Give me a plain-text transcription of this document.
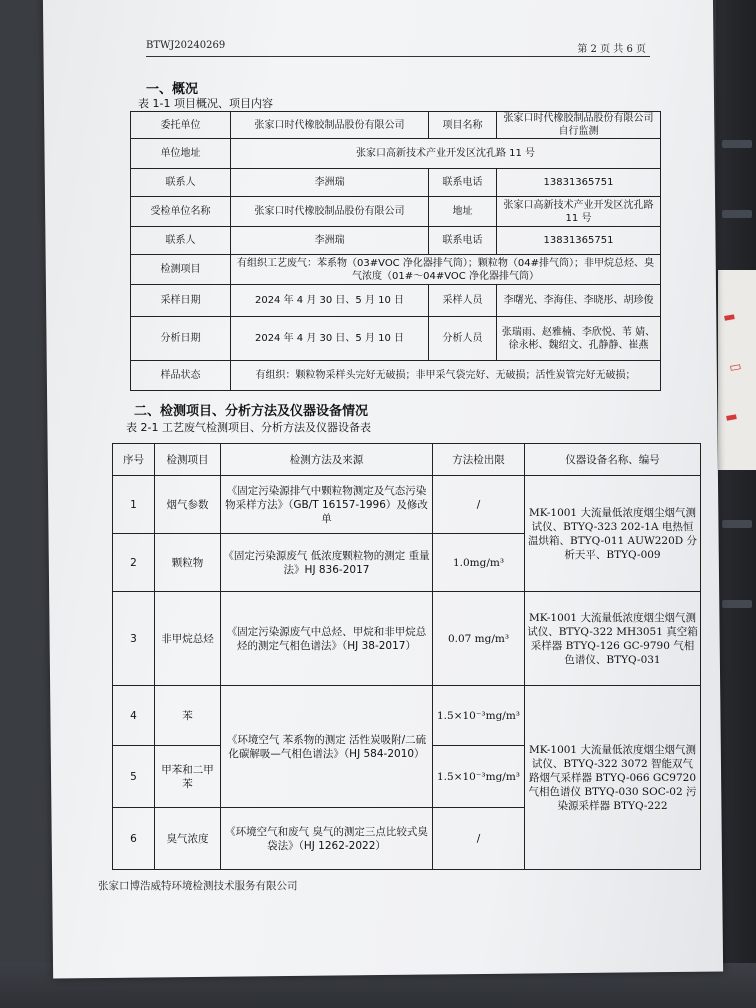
▮
▯
▮
BTWJ20240269	第 2 页 共 6 页
一、概况
表 1-1 项目概况、项目内容
委托单位	张家口时代橡胶制品股份有限公司	项目名称	张家口时代橡胶制品股份有限公司自行监测
单位地址	张家口高新技术产业开发区沈孔路 11 号		
联系人	李洲瑞	联系电话	13831365751
受检单位名称	张家口时代橡胶制品股份有限公司	地址	张家口高新技术产业开发区沈孔路 11 号
联系人	李洲瑞	联系电话	13831365751
检测项目	有组织工艺废气：苯系物（03#VOC 净化器排气筒）；颗粒物（04#排气筒）；非甲烷总烃、臭气浓度（01#～04#VOC 净化器排气筒）		
采样日期	2024 年 4 月 30 日、5 月 10 日	采样人员	李曙光、李海佳、李晓彤、胡珍俊
分析日期	2024 年 4 月 30 日、5 月 10 日	分析人员	张瑞雨、赵雅楠、李欣悦、苇 婧、徐永彬、魏绍文、孔静静、崔燕
样品状态	有组织：颗粒物采样头完好无破损；非甲采气袋完好、无破损；活性炭管完好无破损；		
二、检测项目、分析方法及仪器设备情况
表 2-1 工艺废气检测项目、分析方法及仪器设备表
序号	检测项目	检测方法及来源	方法检出限	仪器设备名称、编号
1	烟气参数	《固定污染源排气中颗粒物测定及气态污染物采样方法》（GB/T 16157-1996）及修改单	/	MK-1001 大流量低浓度烟尘烟气测试仪、BTYQ-323 202-1A 电热恒温烘箱、BTYQ-011 AUW220D 分析天平、BTYQ-009
2	颗粒物	《固定污染源废气 低浓度颗粒物的测定 重量法》HJ 836-2017	1.0mg/m³	
3	非甲烷总烃	《固定污染源废气中总烃、甲烷和非甲烷总烃的测定气相色谱法》（HJ 38-2017）	0.07 mg/m³	MK-1001 大流量低浓度烟尘烟气测试仪、BTYQ-322 MH3051 真空箱采样器 BTYQ-126 GC-9790 气相色谱仪、BTYQ-031
4	苯	《环境空气 苯系物的测定 活性炭吸附/二硫化碳解吸—气相色谱法》（HJ 584-2010）	1.5×10⁻³mg/m³	MK-1001 大流量低浓度烟尘烟气测试仪、BTYQ-322 3072 智能双气路烟气采样器 BTYQ-066 GC9720 气相色谱仪 BTYQ-030 SOC-02 污染源采样器 BTYQ-222
5	甲苯和二甲苯		1.5×10⁻³mg/m³	
6	臭气浓度	《环境空气和废气 臭气的测定三点比较式臭袋法》（HJ 1262-2022）	/	
张家口博浩威特环境检测技术服务有限公司
